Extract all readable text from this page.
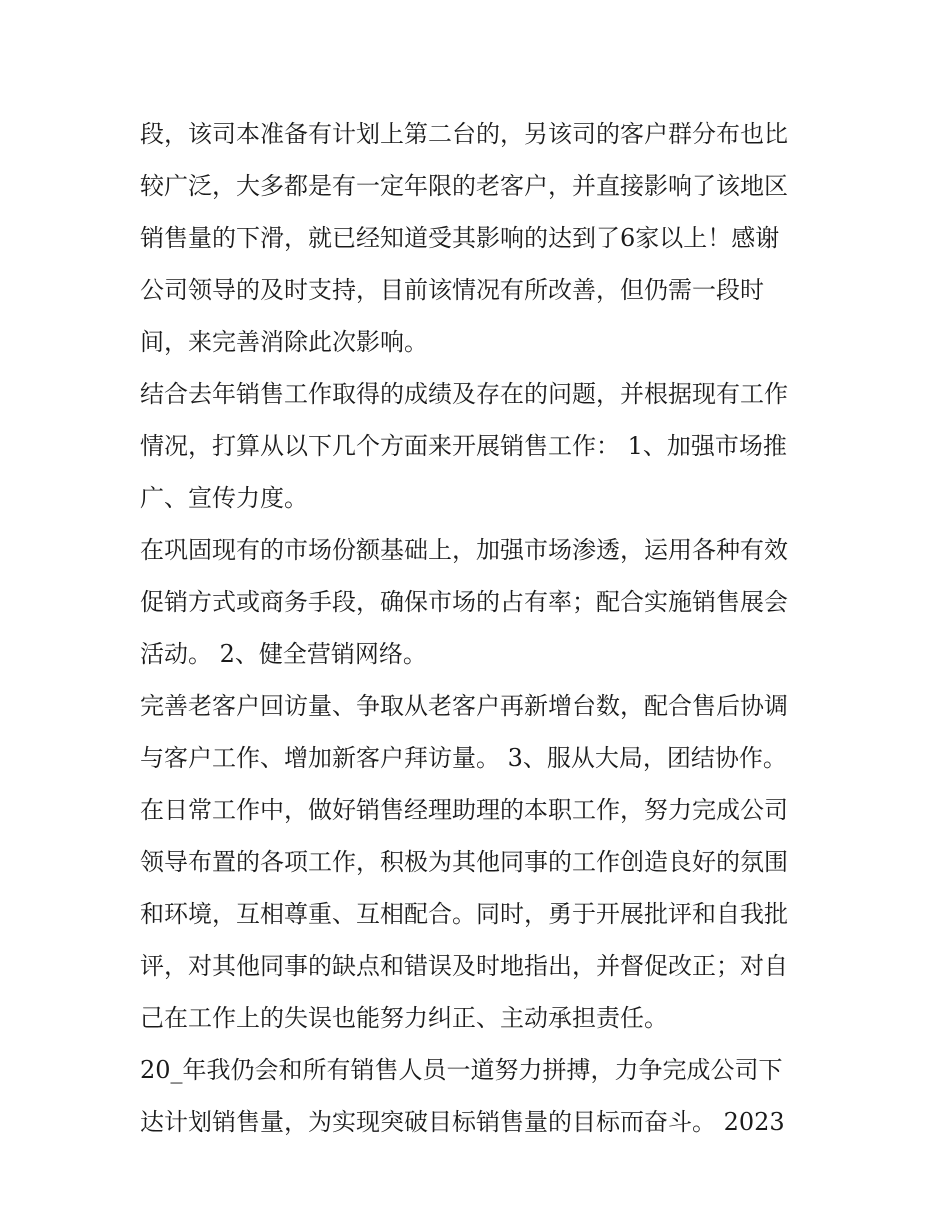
段，该司本准备有计划上第二台的，另该司的客户群分布也比
较广泛，大多都是有一定年限的老客户，并直接影响了该地区
销售量的下滑，就已经知道受其影响的达到了6家以上！感谢
公司领导的及时支持，目前该情况有所改善，但仍需一段时
间，来完善消除此次影响。
结合去年销售工作取得的成绩及存在的问题，并根据现有工作
情况，打算从以下几个方面来开展销售工作： 1、加强市场推
广、宣传力度。
在巩固现有的市场份额基础上，加强市场渗透，运用各种有效
促销方式或商务手段，确保市场的占有率；配合实施销售展会
活动。 2、健全营销网络。
完善老客户回访量、争取从老客户再新增台数，配合售后协调
与客户工作、增加新客户拜访量。 3、服从大局，团结协作。
在日常工作中，做好销售经理助理的本职工作，努力完成公司
领导布置的各项工作，积极为其他同事的工作创造良好的氛围
和环境，互相尊重、互相配合。同时，勇于开展批评和自我批
评，对其他同事的缺点和错误及时地指出，并督促改正；对自
己在工作上的失误也能努力纠正、主动承担责任。
20_年我仍会和所有销售人员一道努力拼搏，力争完成公司下
达计划销售量，为实现突破目标销售量的目标而奋斗。 2023
